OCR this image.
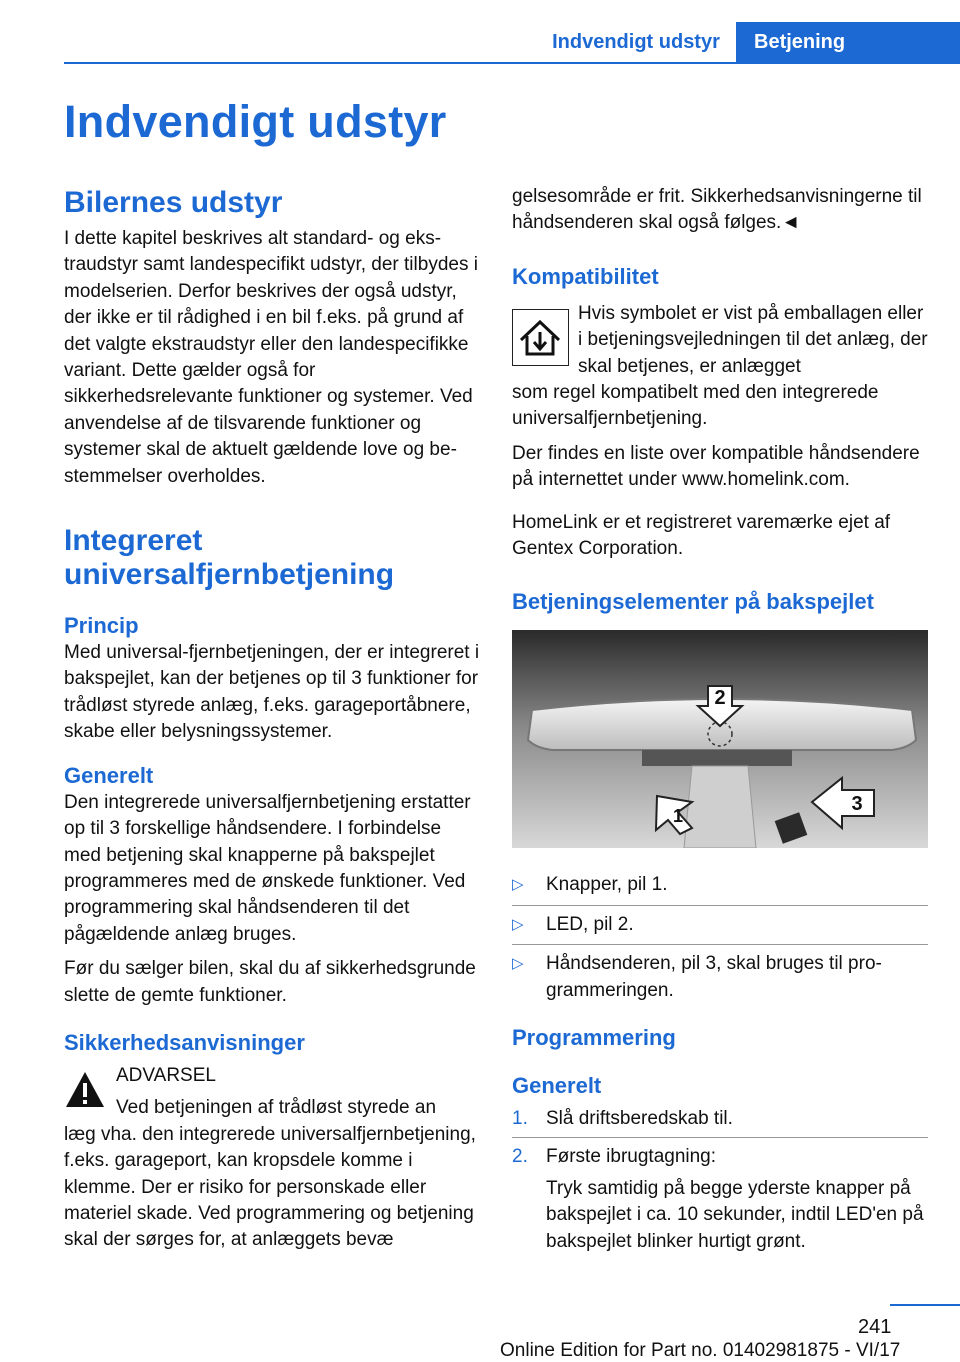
Indvendigt udstyr	Betjening
Indvendigt udstyr
Bilernes udstyr
I dette kapitel beskrives alt standard- og ekstraudstyr samt landespecifikt udstyr, der tilbydes i modelserien. Derfor beskrives der også udstyr, der ikke er til rådighed i en bil f.eks. på grund af det valgte ekstraudstyr eller den landespecifikke variant. Dette gælder også for sikkerhedsrelevante funktioner og systemer. Ved anvendelse af de tilsvarende funktioner og systemer skal de aktuelt gældende love og bestemmelser overholdes.
Integreret universalfjernbetjening
Princip
Med universal-fjernbetjeningen, der er integreret i bakspejlet, kan der betjenes op til 3 funktioner for trådløst styrede anlæg, f.eks. garageportåbnere, skabe eller belysningssystemer.
Generelt
Den integrerede universalfjernbetjening erstatter op til 3 forskellige håndsendere. I forbindelse med betjening skal knapperne på bakspejlet programmeres med de ønskede funktioner. Ved programmering skal håndsenderen til det pågældende anlæg bruges.
Før du sælger bilen, skal du af sikkerhedsgrunde slette de gemte funktioner.
Sikkerhedsanvisninger
ADVARSEL
Ved betjeningen af trådløst styrede an
læg vha. den integrerede universalfjernbetjening, f.eks. garageport, kan kropsdele komme i klemme. Der er risiko for personskade eller materiel skade. Ved programmering og betjening skal der sørges for, at anlæggets bevæ
gelsesområde er frit. Sikkerhedsanvisningerne til håndsenderen skal også følges.◄
Kompatibilitet
Hvis symbolet er vist på emballagen eller i betjeningsvejledningen til det anlæg, der skal betjenes, er anlægget
som regel kompatibelt med den integrerede universalfjernbetjening.
Der findes en liste over kompatible håndsendere på internettet under www.homelink.com.
HomeLink er et registreret varemærke ejet af Gentex Corporation.
Betjeningselementer på bakspejlet
2
1
3
▷ Knapper, pil 1.
▷ LED, pil 2.
▷ Håndsenderen, pil 3, skal bruges til programmeringen.
Programmering
Generelt
1. Slå driftsberedskab til.
2. Første ibrugtagning:
Tryk samtidig på begge yderste knapper på bakspejlet i ca. 10 sekunder, indtil LED'en på bakspejlet blinker hurtigt grønt.
241
Online Edition for Part no. 01402981875 - VI/17
